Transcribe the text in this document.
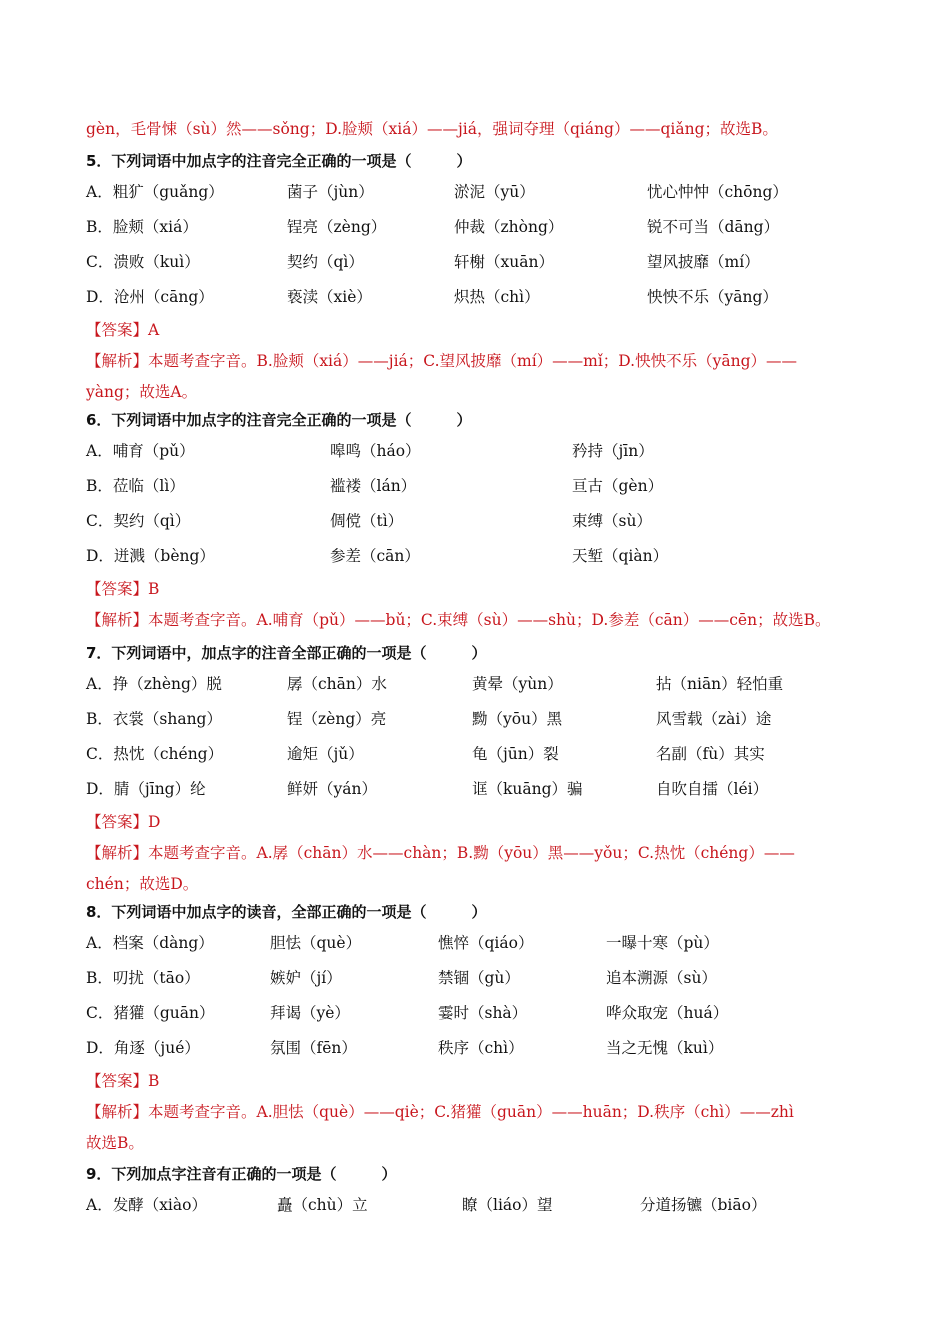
gèn，毛骨悚（sù）然——sǒng；D.脸颊（xiá）——jiá，强词夺理（qiáng）——qiǎng；故选B。
5．下列词语中加点字的注音完全正确的一项是（　　　）
A．粗犷（guǎng）	菌子（jùn）	淤泥（yū）	忧心忡忡（chōng）
B．脸颊（xiá）	锃亮（zèng）	仲裁（zhòng）	锐不可当（dāng）
C．溃败（kuì）	契约（qì）	轩榭（xuān）	望风披靡（mí）
D．沧州（cāng）	亵渎（xiè）	炽热（chì）	怏怏不乐（yāng）
【答案】A
【解析】本题考查字音。B.脸颊（xiá）——jiá；C.望风披靡（mí）——mǐ；D.怏怏不乐（yāng）——
yàng；故选A。
6．下列词语中加点字的注音完全正确的一项是（　　　）
A．哺育（pǔ）	嗥鸣（háo）	矜持（jīn）
B．莅临（lì）	褴褛（lán）	亘古（gèn）
C．契约（qì）	倜傥（tì）	束缚（sù）
D．迸溅（bèng）	参差（cān）	天堑（qiàn）
【答案】B
【解析】本题考查字音。A.哺育（pǔ）——bǔ；C.束缚（sù）——shù；D.参差（cān）——cēn；故选B。
7．下列词语中，加点字的注音全部正确的一项是（　　　）
A．挣（zhèng）脱	孱（chān）水	黄晕（yùn）	拈（niān）轻怕重
B．衣裳（shang）	锃（zèng）亮	黝（yōu）黑	风雪载（zài）途
C．热忱（chéng）	逾矩（jǔ）	龟（jūn）裂	名副（fù）其实
D．腈（jīng）纶	鲜妍（yán）	诓（kuāng）骗	自吹自擂（léi）
【答案】D
【解析】本题考查字音。A.孱（chān）水——chàn；B.黝（yōu）黑——yǒu；C.热忱（chéng）——
chén；故选D。
8．下列词语中加点字的读音，全部正确的一项是（　　　）
A．档案（dàng）	胆怯（què）	憔悴（qiáo）	一曝十寒（pù）
B．叨扰（tāo）	嫉妒（jí）	禁锢（gù）	追本溯源（sù）
C．猪獾（guān）	拜谒（yè）	霎时（shà）	哗众取宠（huá）
D．角逐（jué）	氛围（fēn）	秩序（chì）	当之无愧（kuì）
【答案】B
【解析】本题考查字音。A.胆怯（què）——qiè；C.猪獾（guān）——huān；D.秩序（chì）——zhì
故选B。
9．下列加点字注音有正确的一项是（　　　）
A．发酵（xiào）	矗（chù）立	瞭（liáo）望	分道扬镳（biāo）
